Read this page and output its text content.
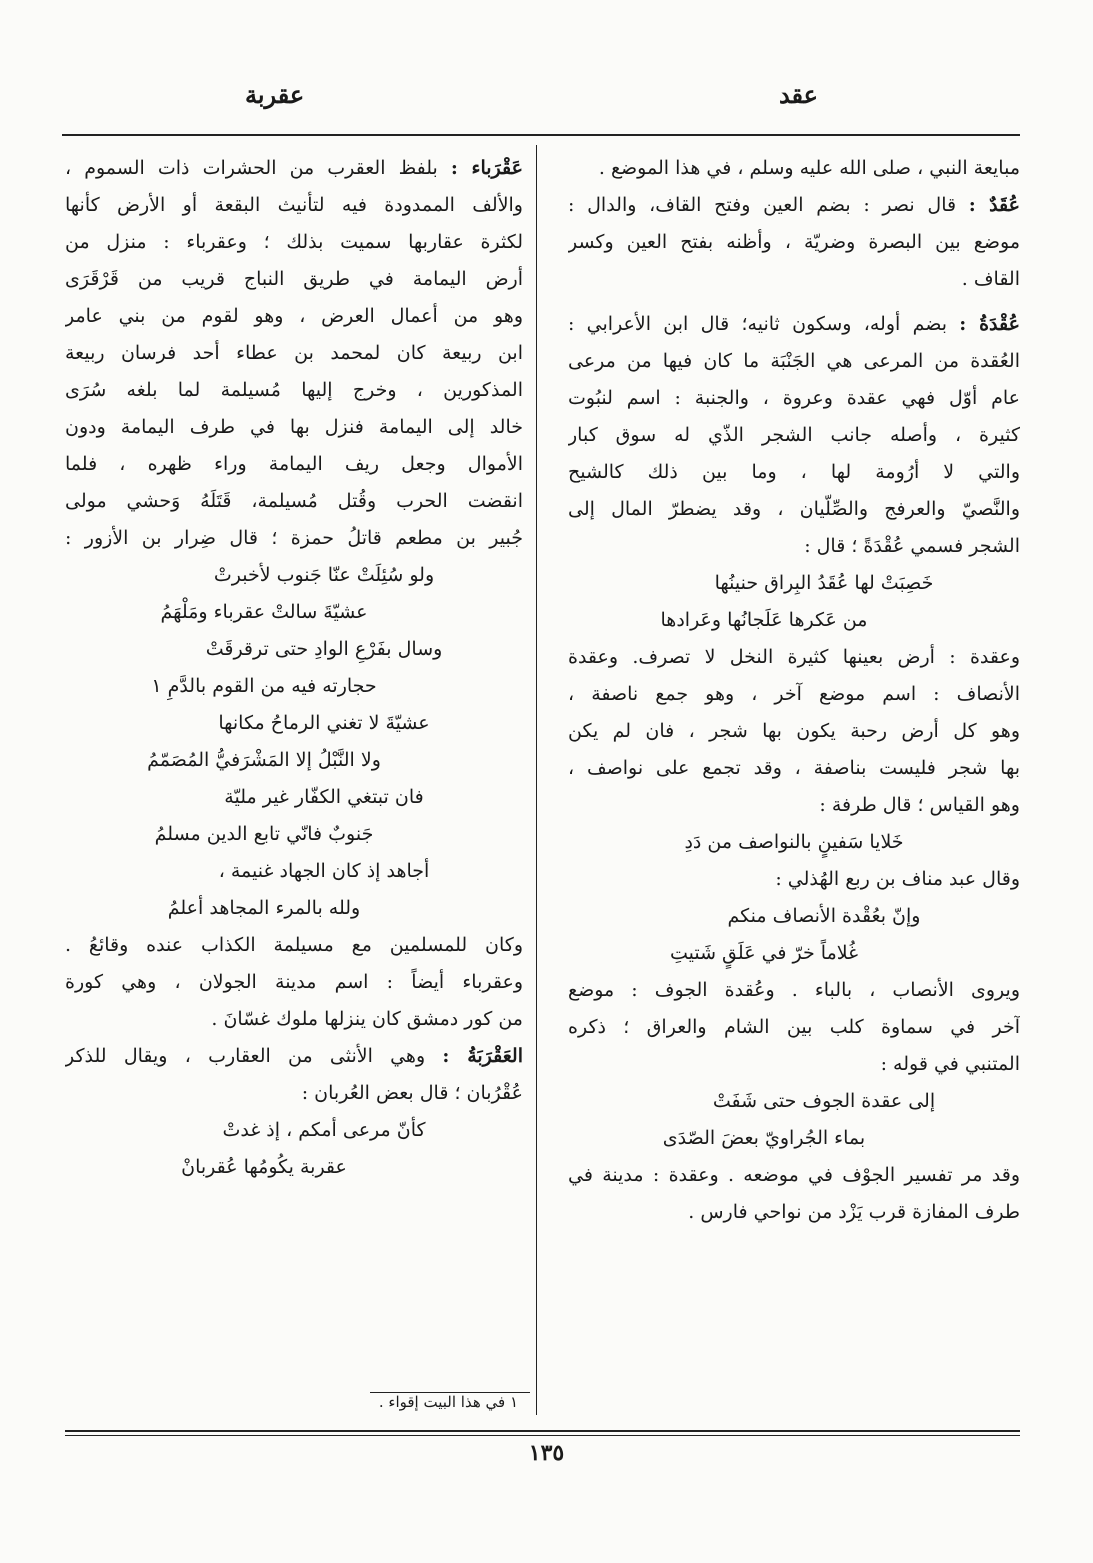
عقد
عقربة
مبايعة النبي ، صلى الله عليه وسلم ، في هذا الموضع .
عُقَدٌ : قال نصر : بضم العين وفتح القاف، والدال :
موضع بين البصرة وضريّة ، وأظنه بفتح العين وكسر
القاف .
عُقْدَةُ : بضم أوله، وسكون ثانيه؛ قال ابن الأعرابي :
العُقدة من المرعى هي الجَنْبَة ما كان فيها من مرعى
عام أوّل فهي عقدة وعروة ، والجنبة : اسم لنبُوت
كثيرة ، وأصله جانب الشجر الذّي له سوق كبار
والتي لا أرُومة لها ، وما بين ذلك كالشيح
والنَّصيّ والعرفج والصِّلّيان ، وقد يضطرّ المال إلى
الشجر فسمي عُقْدَةً ؛ قال :
خَصِبَتْ لها عُقَدُ البِراق حنينُها
من عَكرها عَلَجانُها وعَرادها
وعقدة : أرض بعينها كثيرة النخل لا تصرف. وعقدة
الأنصاف : اسم موضع آخر ، وهو جمع ناصفة ،
وهو كل أرض رحبة يكون بها شجر ، فان لم يكن
بها شجر فليست بناصفة ، وقد تجمع على نواصف ،
وهو القياس ؛ قال طرفة :
خَلايا سَفينٍ بالنواصف من دَدِ
وقال عبد مناف بن ربع الهُذلي :
وإنّ بعُقْدة الأنصاف منكم
غُلاماً خرّ في عَلَقٍ شَتيتِ
ويروى الأنصاب ، بالباء . وعُقدة الجوف : موضع
آخر في سماوة كلب بين الشام والعراق ؛ ذكره
المتنبي في قوله :
إلى عقدة الجوف حتى شَفَتْ
بماء الجُراويّ بعضَ الصّدَى
وقد مر تفسير الجوْف في موضعه . وعقدة : مدينة في
طرف المفازة قرب يَزْد من نواحي فارس .
عَقْرَباء : بلفظ العقرب من الحشرات ذات السموم ،
والألف الممدودة فيه لتأنيث البقعة أو الأرض كأنها
لكثرة عقاربها سميت بذلك ؛ وعقرباء : منزل من
أرض اليمامة في طريق النباج قريب من قَرْقَرَى
وهو من أعمال العرض ، وهو لقوم من بني عامر
ابن ربيعة كان لمحمد بن عطاء أحد فرسان ربيعة
المذكورين ، وخرج إليها مُسيلمة لما بلغه سُرَى
خالد إلى اليمامة فنزل بها في طرف اليمامة ودون
الأموال وجعل ريف اليمامة وراء ظهره ، فلما
انقضت الحرب وقُتل مُسيلمة، قَتَلَهُ وَحشي مولى
جُبير بن مطعم قاتلُ حمزة ؛ قال ضِرار بن الأزور :
ولو سُئِلَتْ عنّا جَنوب لأخبرتْ
عشيّةَ سالتْ عقرباء ومَلْهَمُ
وسال بفَرْعِ الوادِ حتى ترقرقَتْ
حجارته فيه من القوم بالدَّمِ ١
عشيّةَ لا تغني الرماحُ مكانها
ولا النَّبْلُ إلا المَشْرَفيُّ المُصَمّمُ
فان تبتغي الكفّار غير مليّة
جَنوبٌ فانّي تابع الدين مسلمُ
أجاهد إذ كان الجهاد غنيمة ،
ولله بالمرء المجاهد أعلمُ
وكان للمسلمين مع مسيلمة الكذاب عنده وقائعُ .
وعقرباء أيضاً : اسم مدينة الجولان ، وهي كورة
من كور دمشق كان ينزلها ملوك غسّانَ .
العَقْرَبَةُ : وهي الأنثى من العقارب ، ويقال للذكر
عُقْرُبان ؛ قال بعض العُربان :
كأنّ مرعى أمكم ، إذ غدتْ
عقربة يكُومُها عُقربانْ
١ في هذا البيت إقواء .
١٣٥
